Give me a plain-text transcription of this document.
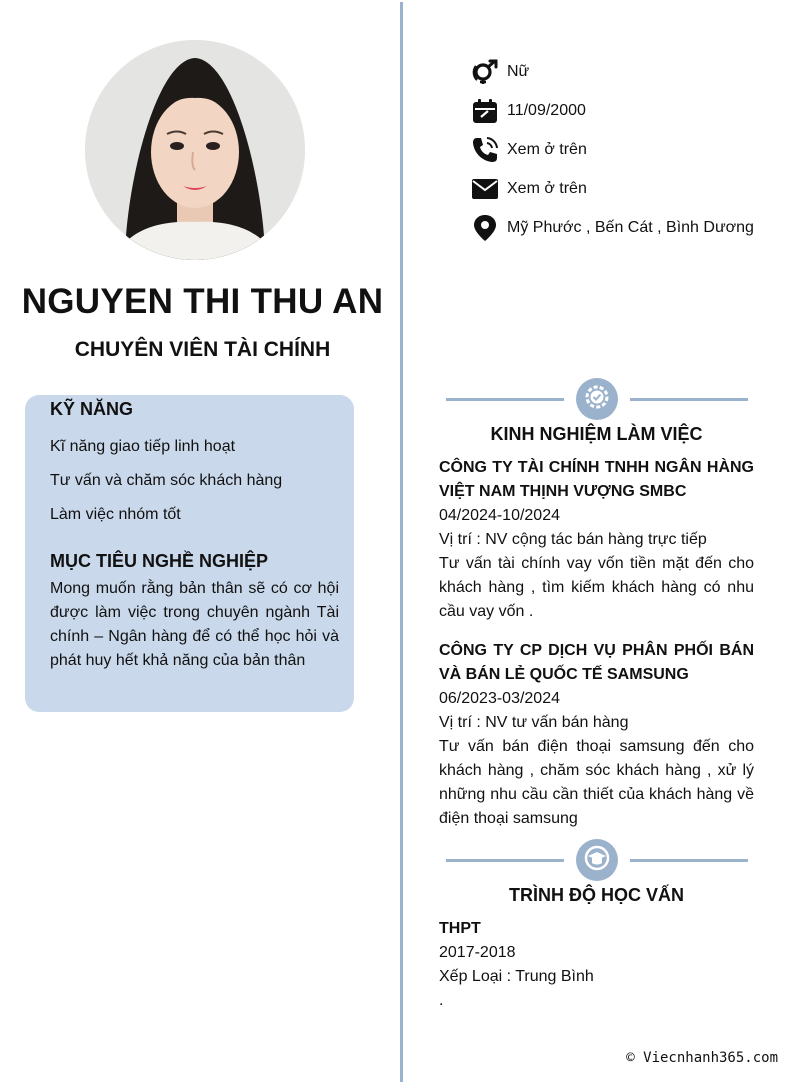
NGUYEN THI THU AN
CHUYÊN VIÊN TÀI CHÍNH
KỸ NĂNG
Kĩ năng giao tiếp linh hoạt
Tư vấn và chăm sóc khách hàng
Làm việc nhóm tốt
MỤC TIÊU NGHỀ NGHIỆP
Mong muốn rằng bản thân sẽ có cơ hội được làm việc trong chuyên ngành Tài chính – Ngân hàng để có thể học hỏi và phát huy hết khả năng của bản thân
Nữ
11/09/2000
Xem ở trên
Xem ở trên
Mỹ Phước , Bến Cát , Bình Dương
KINH NGHIỆM LÀM VIỆC
CÔNG TY TÀI CHÍNH TNHH NGÂN HÀNG VIỆT NAM THỊNH VƯỢNG SMBC
04/2024-10/2024
Vị trí : NV cộng tác bán hàng trực tiếp
Tư vấn tài chính vay vốn tiền mặt đến cho khách hàng , tìm kiếm khách hàng có nhu cầu vay vốn .
CÔNG TY CP DỊCH VỤ PHÂN PHỐI BÁN VÀ BÁN LẺ QUỐC TẾ SAMSUNG
06/2023-03/2024
Vị trí : NV tư vấn bán hàng
Tư vấn bán điện thoại samsung đến cho khách hàng , chăm sóc khách hàng , xử lý những nhu cầu cần thiết của khách hàng về điện thoại samsung
TRÌNH ĐỘ HỌC VẤN
THPT
2017-2018
Xếp Loại : Trung Bình
.
© Viecnhanh365.com
